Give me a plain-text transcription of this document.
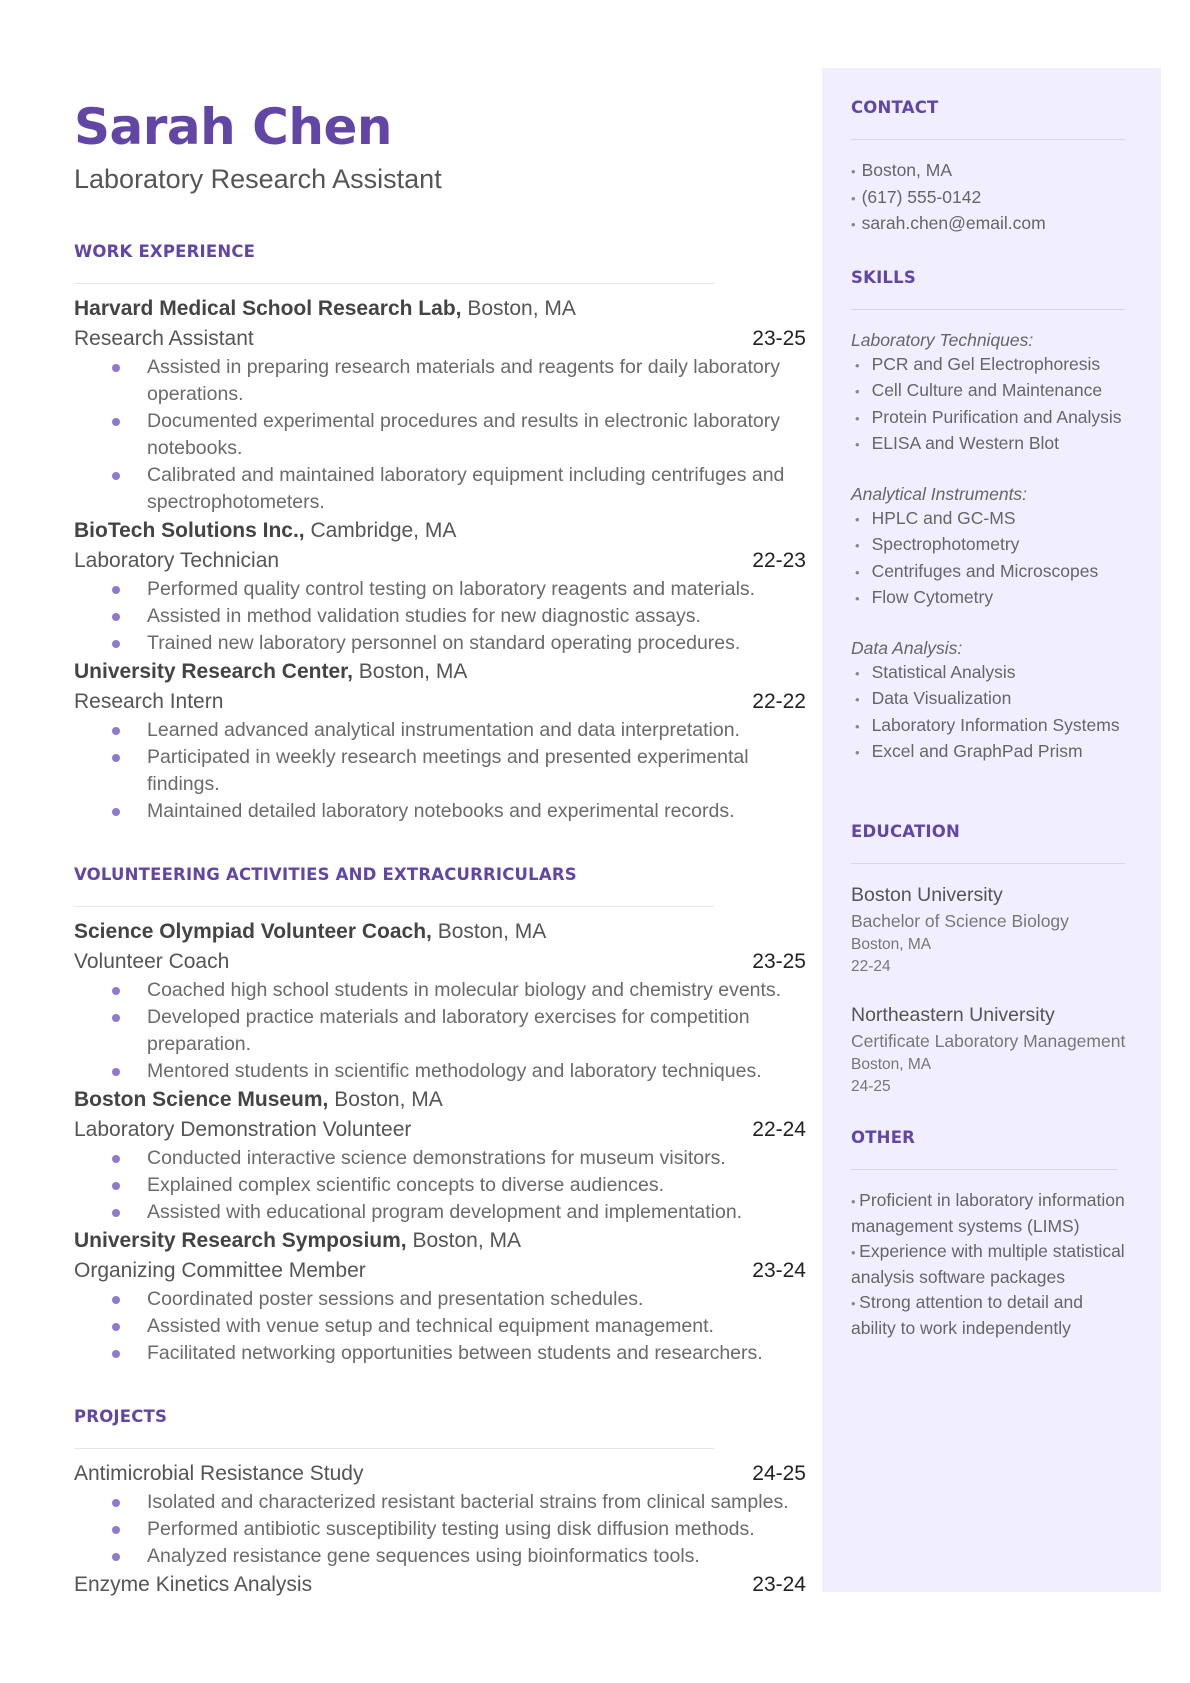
Sarah Chen
Laboratory Research Assistant
WORK EXPERIENCE
Harvard Medical School Research Lab, Boston, MA
Research Assistant	23-25
Assisted in preparing research materials and reagents for daily laboratory operations.
Documented experimental procedures and results in electronic laboratory notebooks.
Calibrated and maintained laboratory equipment including centrifuges and spectrophotometers.
BioTech Solutions Inc., Cambridge, MA
Laboratory Technician	22-23
Performed quality control testing on laboratory reagents and materials.
Assisted in method validation studies for new diagnostic assays.
Trained new laboratory personnel on standard operating procedures.
University Research Center, Boston, MA
Research Intern	22-22
Learned advanced analytical instrumentation and data interpretation.
Participated in weekly research meetings and presented experimental findings.
Maintained detailed laboratory notebooks and experimental records.
VOLUNTEERING ACTIVITIES AND EXTRACURRICULARS
Science Olympiad Volunteer Coach, Boston, MA
Volunteer Coach	23-25
Coached high school students in molecular biology and chemistry events.
Developed practice materials and laboratory exercises for competition preparation.
Mentored students in scientific methodology and laboratory techniques.
Boston Science Museum, Boston, MA
Laboratory Demonstration Volunteer	22-24
Conducted interactive science demonstrations for museum visitors.
Explained complex scientific concepts to diverse audiences.
Assisted with educational program development and implementation.
University Research Symposium, Boston, MA
Organizing Committee Member	23-24
Coordinated poster sessions and presentation schedules.
Assisted with venue setup and technical equipment management.
Facilitated networking opportunities between students and researchers.
PROJECTS
Antimicrobial Resistance Study	24-25
Isolated and characterized resistant bacterial strains from clinical samples.
Performed antibiotic susceptibility testing using disk diffusion methods.
Analyzed resistance gene sequences using bioinformatics tools.
Enzyme Kinetics Analysis	23-24
CONTACT
• Boston, MA
• (617) 555-0142
• sarah.chen@email.com
SKILLS
Laboratory Techniques:
• PCR and Gel Electrophoresis
• Cell Culture and Maintenance
• Protein Purification and Analysis
• ELISA and Western Blot
Analytical Instruments:
• HPLC and GC-MS
• Spectrophotometry
• Centrifuges and Microscopes
• Flow Cytometry
Data Analysis:
• Statistical Analysis
• Data Visualization
• Laboratory Information Systems
• Excel and GraphPad Prism
EDUCATION
Boston University
Bachelor of Science Biology
Boston, MA
22-24
Northeastern University
Certificate Laboratory Management
Boston, MA
24-25
OTHER
• Proficient in laboratory information management systems (LIMS)
• Experience with multiple statistical analysis software packages
• Strong attention to detail and ability to work independently
